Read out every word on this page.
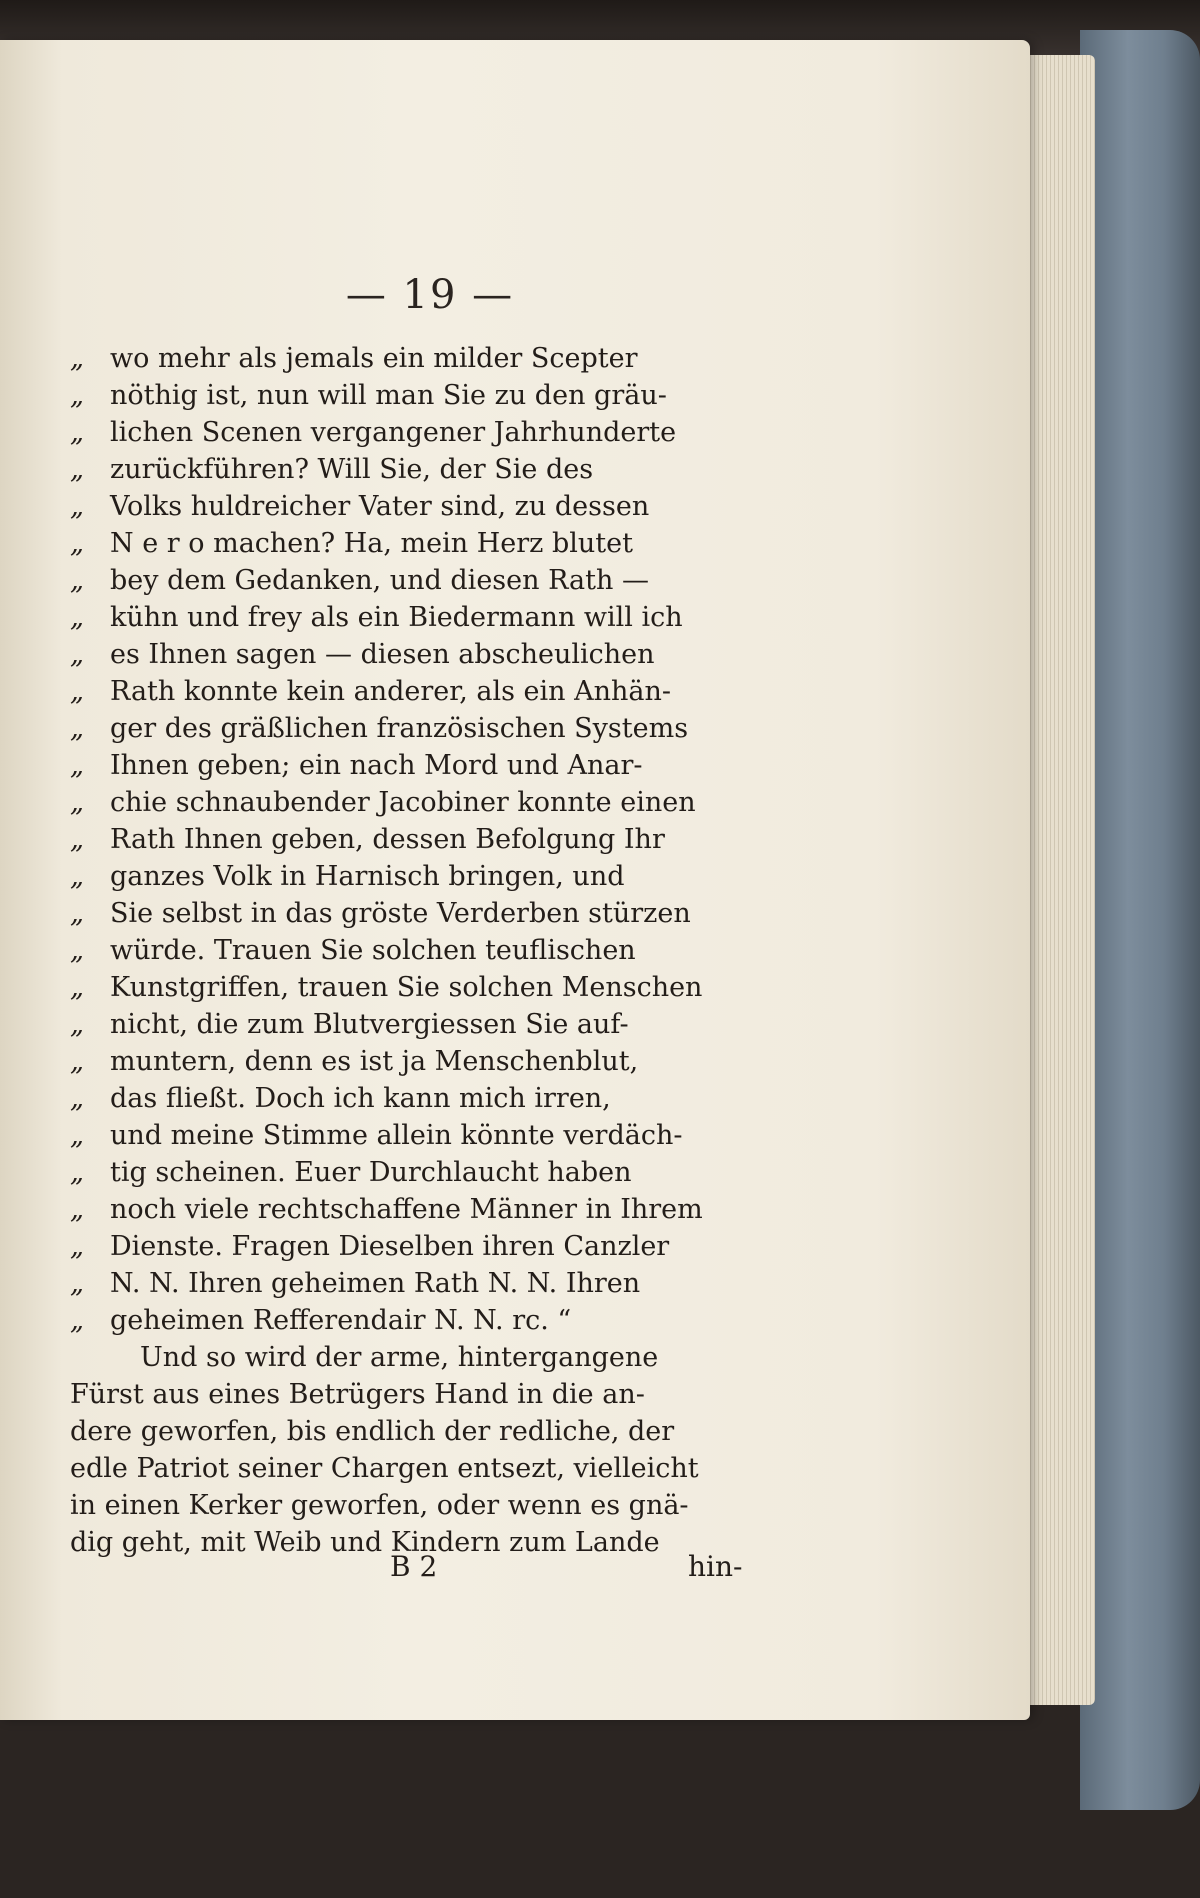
— 19 —
„ wo mehr als jemals ein milder Scepter
„ nöthig ist, nun will man Sie zu den gräu-
„ lichen Scenen vergangener Jahrhunderte
„ zurückführen? Will Sie, der Sie des
„ Volks huldreicher Vater sind, zu dessen
„ N e r o machen? Ha, mein Herz blutet
„ bey dem Gedanken, und diesen Rath —
„ kühn und frey als ein Biedermann will ich
„ es Ihnen sagen — diesen abscheulichen
„ Rath konnte kein anderer, als ein Anhän-
„ ger des gräßlichen französischen Systems
„ Ihnen geben; ein nach Mord und Anar-
„ chie schnaubender Jacobiner konnte einen
„ Rath Ihnen geben, dessen Befolgung Ihr
„ ganzes Volk in Harnisch bringen, und
„ Sie selbst in das gröste Verderben stürzen
„ würde. Trauen Sie solchen teuflischen
„ Kunstgriffen, trauen Sie solchen Menschen
„ nicht, die zum Blutvergiessen Sie auf-
„ muntern, denn es ist ja Menschenblut,
„ das fließt. Doch ich kann mich irren,
„ und meine Stimme allein könnte verdäch-
„ tig scheinen. Euer Durchlaucht haben
„ noch viele rechtschaffene Männer in Ihrem
„ Dienste. Fragen Dieselben ihren Canzler
„ N. N. Ihren geheimen Rath N. N. Ihren
„ geheimen Refferendair N. N. rc. “
Und so wird der arme, hintergangene
Fürst aus eines Betrügers Hand in die an-
dere geworfen, bis endlich der redliche, der
edle Patriot seiner Chargen entsezt, vielleicht
in einen Kerker geworfen, oder wenn es gnä-
dig geht, mit Weib und Kindern zum Lande
B 2	hin-
